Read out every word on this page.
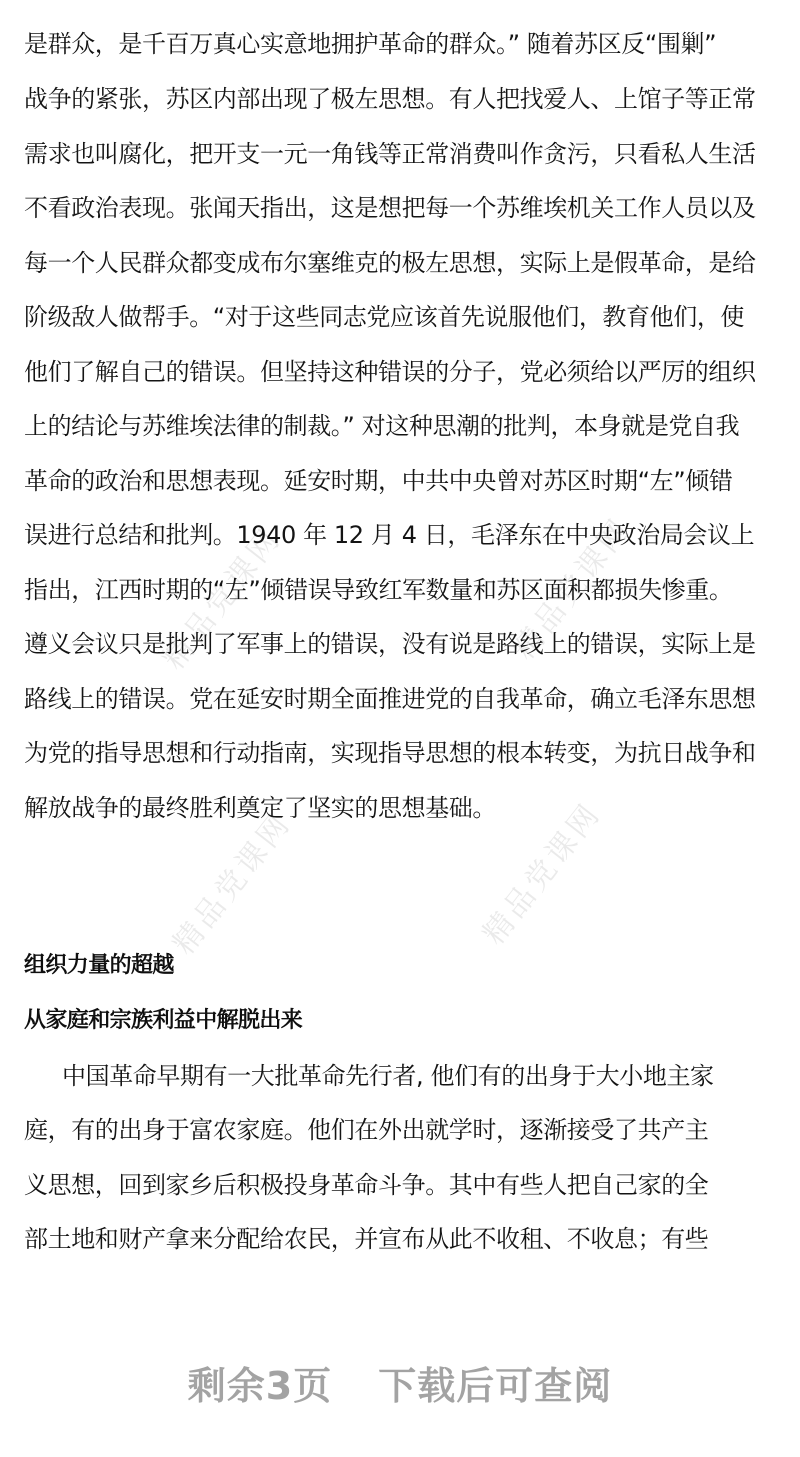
精品党课网	精品党课网
精品党课网	精品党课网
是群众，是千百万真心实意地拥护革命的群众。” 随着苏区反“围剿”
战争的紧张，苏区内部出现了极左思想。有人把找爱人、上馆子等正常
需求也叫腐化，把开支一元一角钱等正常消费叫作贪污，只看私人生活
不看政治表现。张闻天指出，这是想把每一个苏维埃机关工作人员以及
每一个人民群众都变成布尔塞维克的极左思想，实际上是假革命，是给
阶级敌人做帮手。“对于这些同志党应该首先说服他们，教育他们，使
他们了解自己的错误。但坚持这种错误的分子，党必须给以严厉的组织
上的结论与苏维埃法律的制裁。” 对这种思潮的批判，本身就是党自我
革命的政治和思想表现。延安时期，中共中央曾对苏区时期“左”倾错
误进行总结和批判。1940 年 12 月 4 日，毛泽东在中央政治局会议上
指出，江西时期的“左”倾错误导致红军数量和苏区面积都损失惨重。
遵义会议只是批判了军事上的错误，没有说是路线上的错误，实际上是
路线上的错误。党在延安时期全面推进党的自我革命，确立毛泽东思想
为党的指导思想和行动指南，实现指导思想的根本转变，为抗日战争和
解放战争的最终胜利奠定了坚实的思想基础。
组织力量的超越
从家庭和宗族利益中解脱出来
中国革命早期有一大批革命先行者, 他们有的出身于大小地主家
庭，有的出身于富农家庭。他们在外出就学时，逐渐接受了共产主
义思想，回到家乡后积极投身革命斗争。其中有些人把自己家的全
部土地和财产拿来分配给农民，并宣布从此不收租、不收息；有些
剩余3页 下载后可查阅
